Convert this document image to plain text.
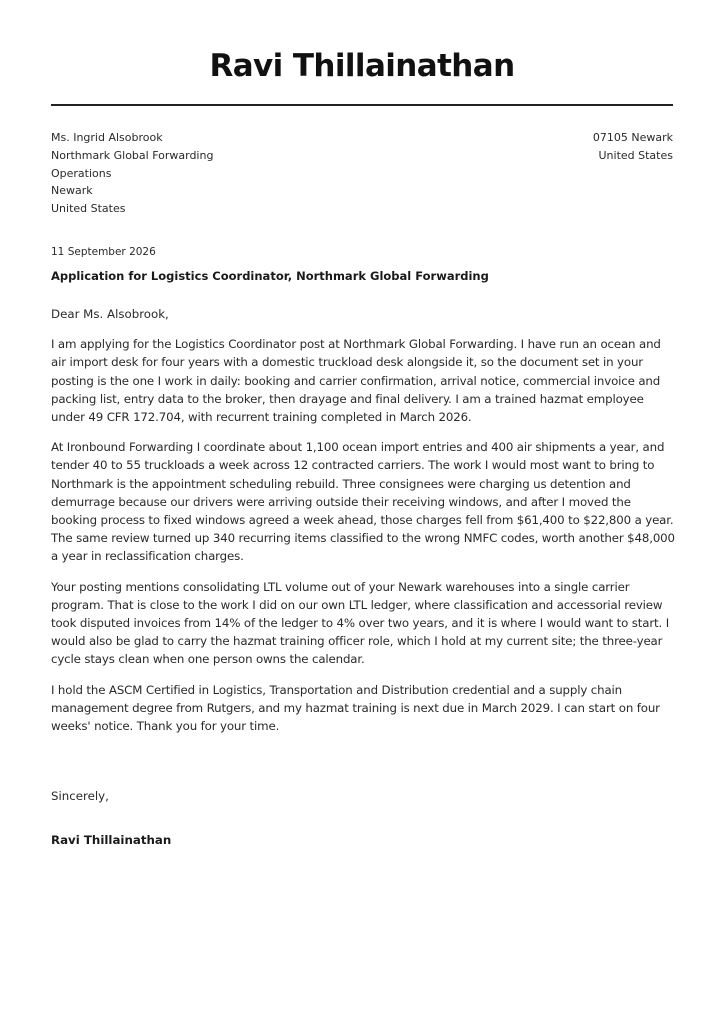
Ravi Thillainathan
Ms. Ingrid Alsobrook
Northmark Global Forwarding
Operations
Newark
United States
07105 Newark
United States
11 September 2026
Application for Logistics Coordinator, Northmark Global Forwarding

Dear Ms. Alsobrook,

I am applying for the Logistics Coordinator post at Northmark Global Forwarding. I have run an ocean and air import desk for four years with a domestic truckload desk alongside it, so the document set in your posting is the one I work in daily: booking and carrier confirmation, arrival notice, commercial invoice and packing list, entry data to the broker, then drayage and final delivery. I am a trained hazmat employee under 49 CFR 172.704, with recurrent training completed in March 2026.

At Ironbound Forwarding I coordinate about 1,100 ocean import entries and 400 air shipments a year, and tender 40 to 55 truckloads a week across 12 contracted carriers. The work I would most want to bring to Northmark is the appointment scheduling rebuild. Three consignees were charging us detention and demurrage because our drivers were arriving outside their receiving windows, and after I moved the booking process to fixed windows agreed a week ahead, those charges fell from $61,400 to $22,800 a year. The same review turned up 340 recurring items classified to the wrong NMFC codes, worth another $48,000 a year in reclassification charges.

Your posting mentions consolidating LTL volume out of your Newark warehouses into a single carrier program. That is close to the work I did on our own LTL ledger, where classification and accessorial review took disputed invoices from 14% of the ledger to 4% over two years, and it is where I would want to start. I would also be glad to carry the hazmat training officer role, which I hold at my current site; the three-year cycle stays clean when one person owns the calendar.

I hold the ASCM Certified in Logistics, Transportation and Distribution credential and a supply chain management degree from Rutgers, and my hazmat training is next due in March 2029. I can start on four weeks' notice. Thank you for your time.

Sincerely,
Ravi Thillainathan
